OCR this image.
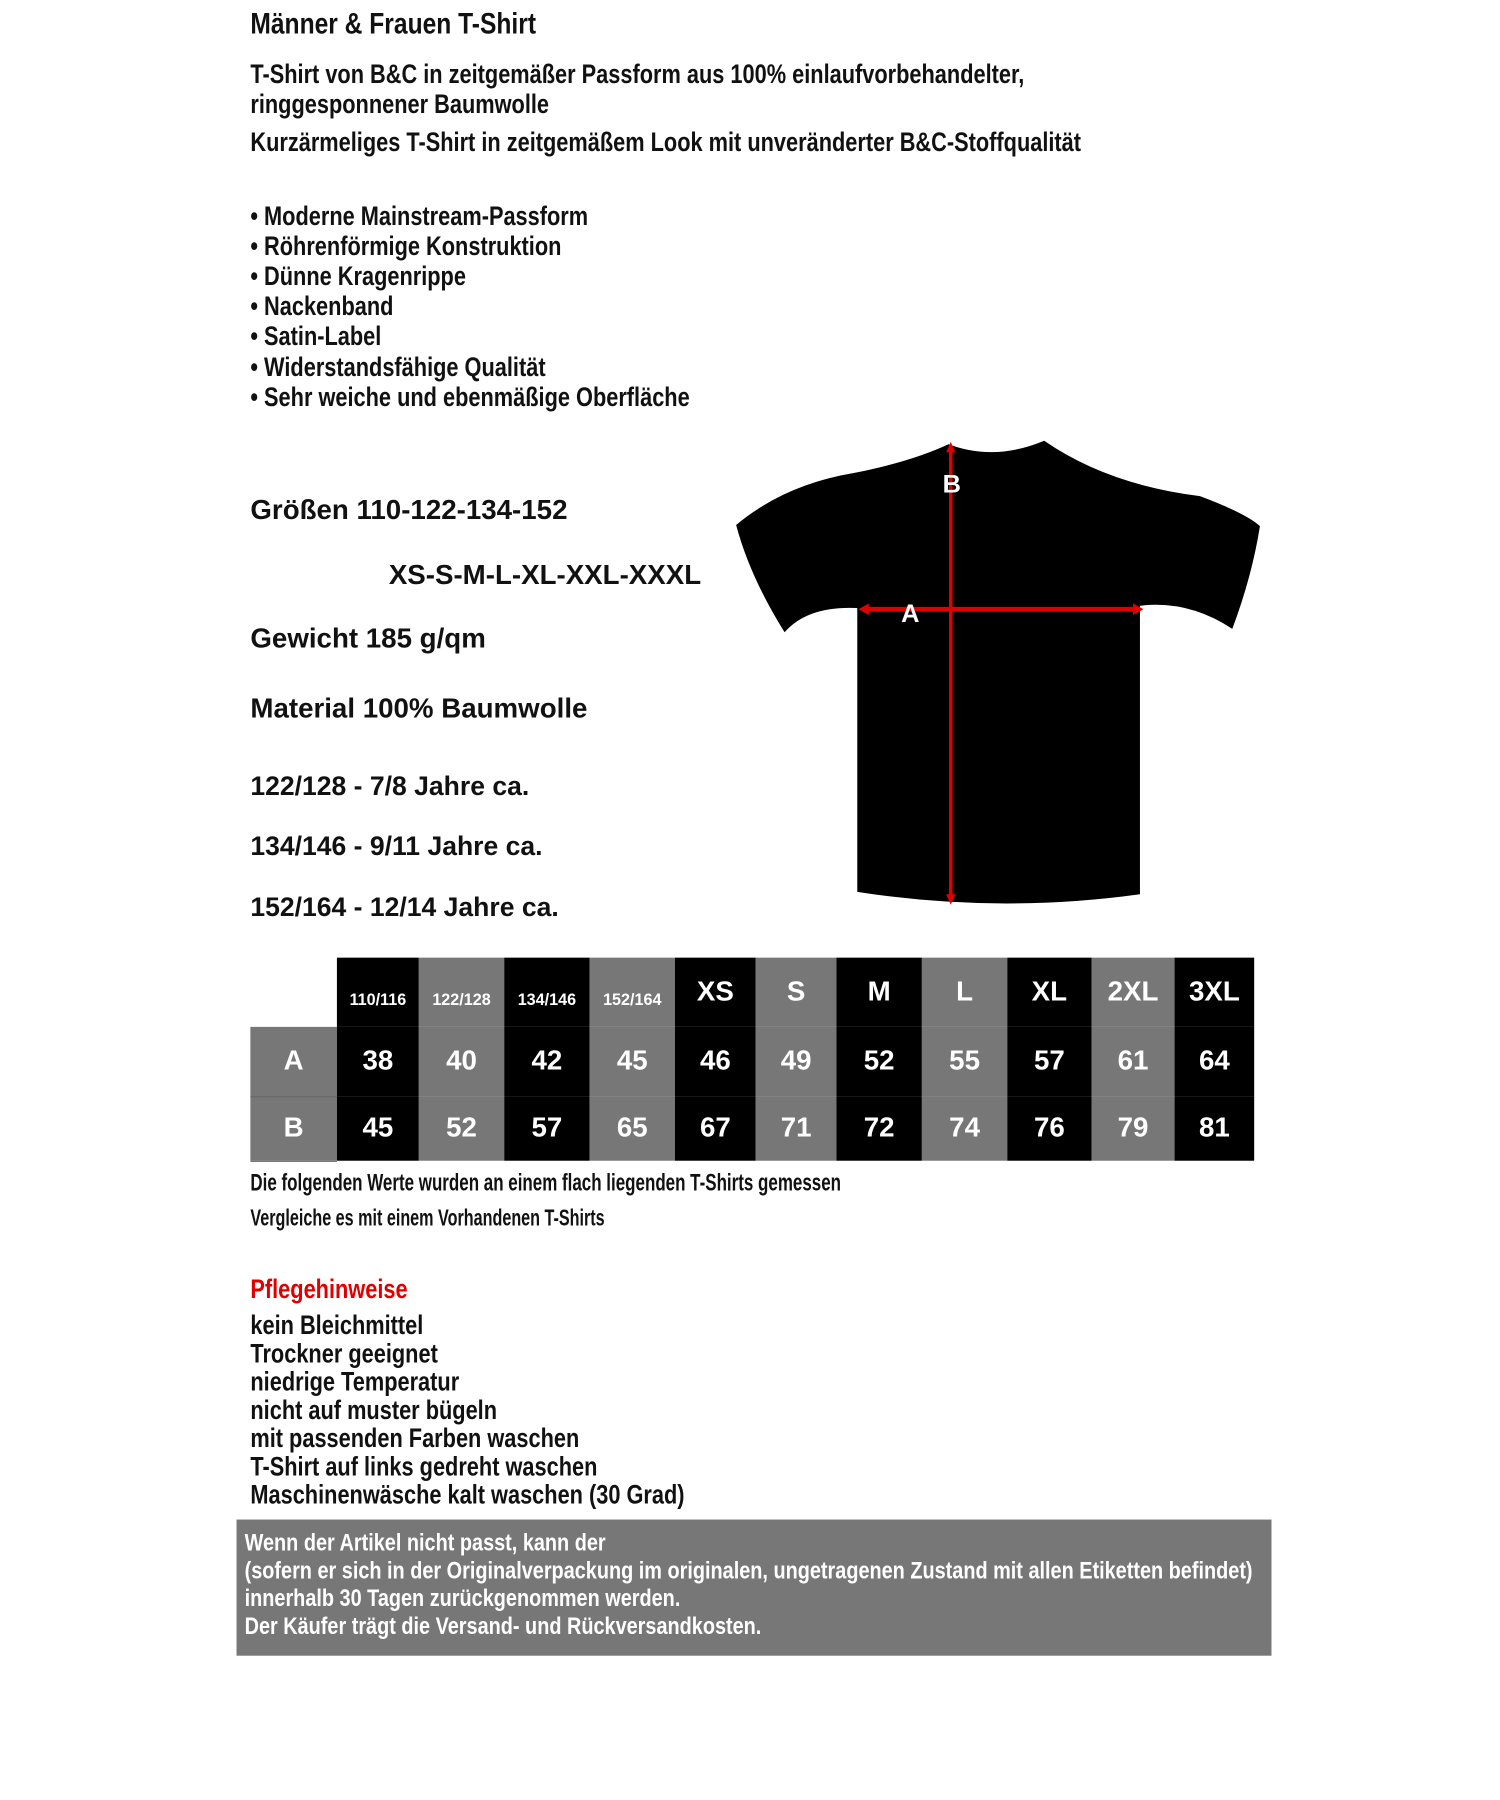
Männer & Frauen T-Shirt
T-Shirt von B&C in zeitgemäßer Passform aus 100% einlaufvorbehandelter,
ringgesponnener Baumwolle
Kurzärmeliges T-Shirt in zeitgemäßem Look mit unveränderter B&C-Stoffqualität
• Moderne Mainstream-Passform
• Röhrenförmige Konstruktion
• Dünne Kragenrippe
• Nackenband
• Satin-Label
• Widerstandsfähige Qualität
• Sehr weiche und ebenmäßige Oberfläche
Größen 110-122-134-152
XS-S-M-L-XL-XXL-XXXL
Gewicht 185 g/qm
Material 100% Baumwolle
122/128 - 7/8 Jahre ca.
134/146 - 9/11 Jahre ca.
152/164 - 12/14 Jahre ca.
B
A
	110/116	122/128	134/146	152/164	XS	S	M	L	XL	2XL	3XL
A	38	40	42	45	46	49	52	55	57	61	64
B	45	52	57	65	67	71	72	74	76	79	81
Die folgenden Werte wurden an einem flach liegenden T-Shirts gemessen
Vergleiche es mit einem Vorhandenen T-Shirts
Pflegehinweise
kein Bleichmittel
Trockner geeignet
niedrige Temperatur
nicht auf muster bügeln
mit passenden Farben waschen
T-Shirt auf links gedreht waschen
Maschinenwäsche kalt waschen (30 Grad)
Wenn der Artikel nicht passt, kann der
(sofern er sich in der Originalverpackung im originalen, ungetragenen Zustand mit allen Etiketten befindet)
innerhalb 30 Tagen zurückgenommen werden.
Der Käufer trägt die Versand- und Rückversandkosten.
